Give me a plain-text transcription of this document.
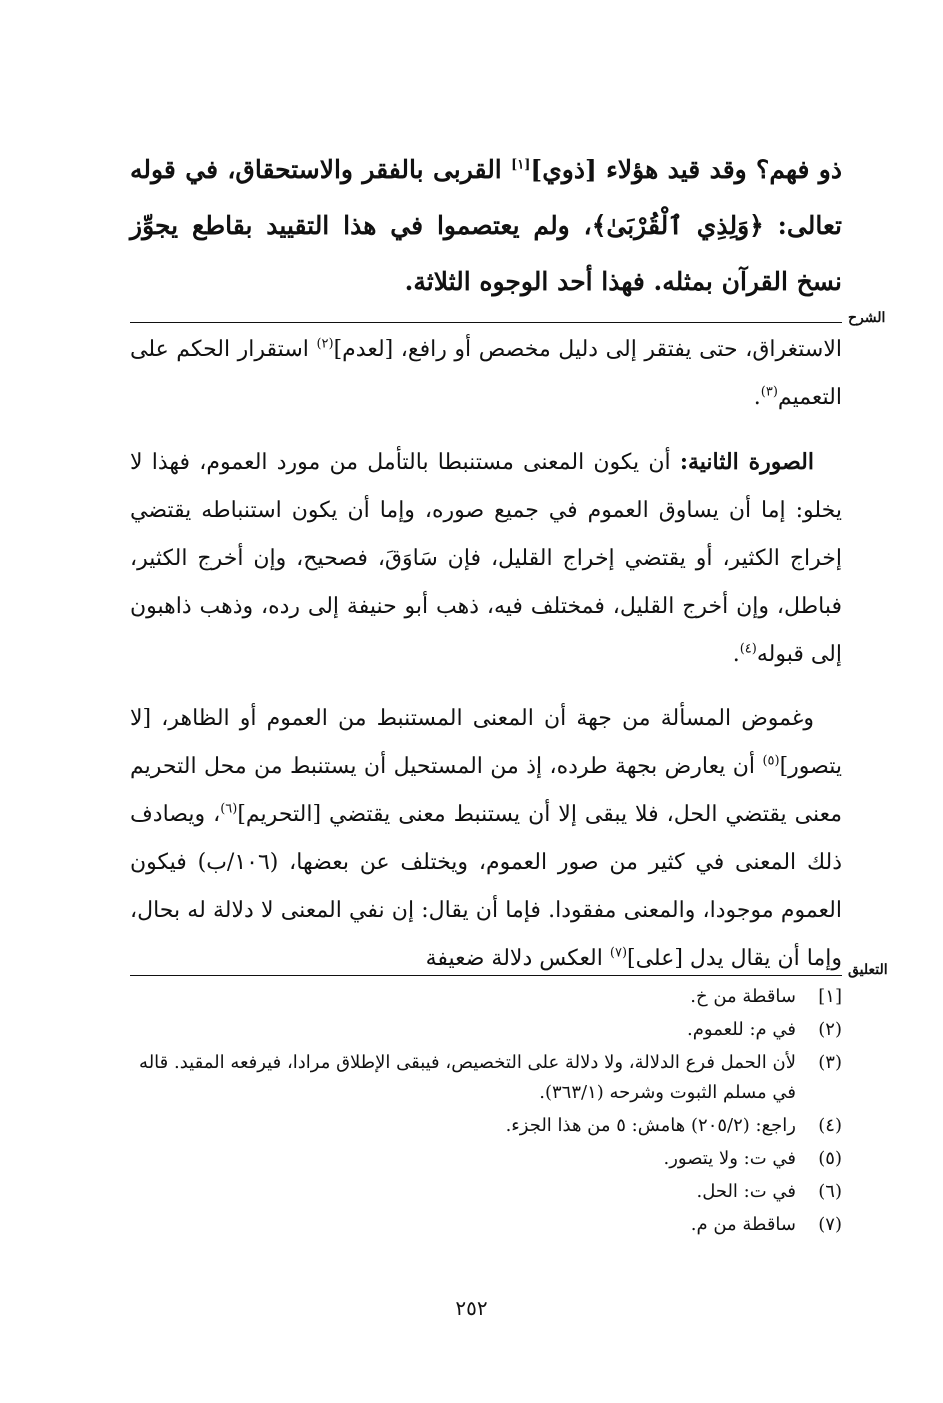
ذو فهم؟ وقد قيد هؤلاء [ذوي][١] القربى بالفقر والاستحقاق، في قوله تعالى: ﴿وَلِذِي ٱلْقُرْبَىٰ﴾، ولم يعتصموا في هذا التقييد بقاطع يجوِّز نسخ القرآن بمثله. فهذا أحد الوجوه الثلاثة.

الشرح

الاستغراق، حتى يفتقر إلى دليل مخصص أو رافع، [لعدم]$^{(٢)}$ استقرار الحكم على التعميم$^{(٣)}$.

الصورة الثانية: أن يكون المعنى مستنبطا بالتأمل من مورد العموم، فهذا لا يخلو: إما أن يساوق العموم في جميع صوره، وإما أن يكون استنباطه يقتضي إخراج الكثير، أو يقتضي إخراج القليل، فإن سَاوَقَ، فصحيح، وإن أخرج الكثير، فباطل، وإن أخرج القليل، فمختلف فيه، ذهب أبو حنيفة إلى رده، وذهب ذاهبون إلى قبوله$^{(٤)}$.

وغموض المسألة من جهة أن المعنى المستنبط من العموم أو الظاهر، [لا يتصور]$^{(٥)}$ أن يعارض بجهة طرده، إذ من المستحيل أن يستنبط من محل التحريم معنى يقتضي الحل، فلا يبقى إلا أن يستنبط معنى يقتضي [التحريم]$^{(٦)}$، ويصادف ذلك المعنى في كثير من صور العموم، ويختلف عن بعضها، (١٠٦/ب) فيكون العموم موجودا، والمعنى مفقودا. فإما أن يقال: إن نفي المعنى لا دلالة له بحال، وإما أن يقال يدل [على]$^{(٧)}$ العكس دلالة ضعيفة	التعليق
[١]
ساقطة من خ.
(٢)
في م: للعموم.
(٣)
لأن الحمل فرع الدلالة، ولا دلالة على التخصيص، فيبقى الإطلاق مرادا، فيرفعه المقيد. قاله في مسلم الثبوت وشرحه (٣٦٣/١).
(٤)
راجع: (٢٠٥/٢) هامش: ٥ من هذا الجزء.
(٥)
في ت: ولا يتصور.
(٦)
في ت: الحل.
(٧)
ساقطة من م.
٢٥٢
